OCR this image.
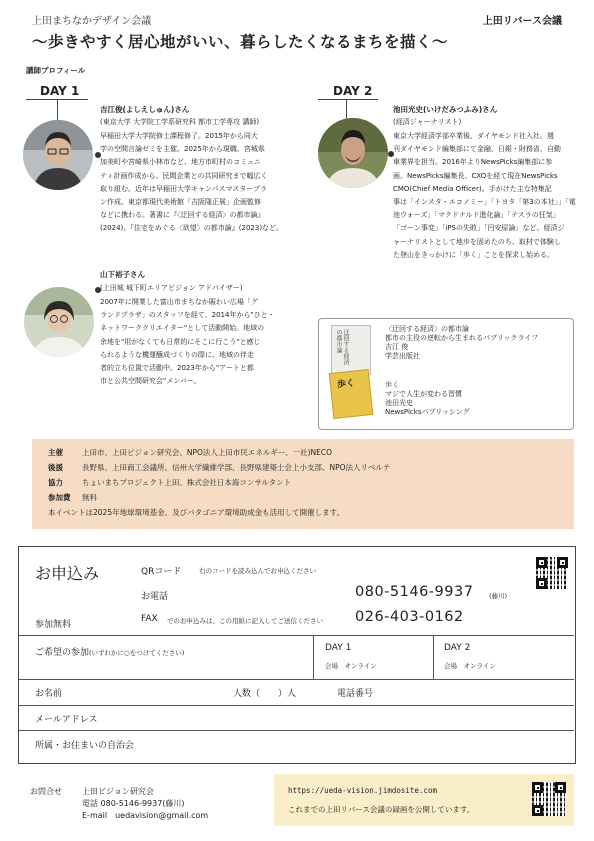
上田まちなかデザイン会議	上田リバース会議
〜歩きやすく居心地がいい、暮らしたくなるまちを描く〜
講師プロフィール
DAY 1
吉江俊(よしえしゅん)さん
(東京大学 大学院工学系研究科 都市工学専攻 講師)
早稲田大学大学院修士課程修了。2015年から同大
学の空間言論ゼミを主催。2025年から現職。宮城県
加美町や宮崎県小林市など、地方市町村のコミュニ
ティ計画作成から、民間企業との共同研究まで幅広く
取り組む。近年は早稲田大学キャンパスマスタープラ
ン作成、東京都現代美術館「吉阪隆正展」企画監修
などに携わる。著書に『〈迂回する経済〉の都市論』
(2024)、『住宅をめぐる〈欲望〉の都市論』(2023)など。
山下裕子さん
(上田城 城下町エリアビジョン アドバイザー)
2007年に開業した富山市まちなか賑わい広場「グ
ランドプラザ」のスタッフを経て、2014年から"ひと・
ネットワーククリエイター"として活動開始。地域の
余地を"用がなくても日常的にそこに行こう"と感じ
られるような機運醸成づくりの際に、地域の伴走
者的立ち位置で活動中。2023年から"アートと都
市と公共空間研究会"メンバー。
DAY 2
池田光史(いけだみつふみ)さん
(経済ジャーナリスト)
東京大学経済学部卒業後、ダイヤモンド社入社。週
刊ダイヤモンド編集部にて金融、日銀・財務省、自動
車業界を担当。2016年よりNewsPicks編集部に参
画。NewsPicks編集長、CXOを経て現在NewsPicks
CMO(Chief Media Officer)。手がけた主な特集記
事は「インスタ・エコノミー」「トヨタ「第3の本社」」「電
池ウォーズ」「マクドナルド進化論」「テスラの狂気」
「ゴーン事変」「iPSの失敗」「円安原論」など。経済ジ
ャーナリストとして地歩を固めたのち、取材で体験し
た登山をきっかけに「歩く」ことを探求し始める。
迂回する経済の都市論	〈迂回する経済〉の都市論
都市の主役の逆転から生まれるパブリックライフ
吉江 俊
学芸出版社
歩く	歩く
マジで人生が変わる習慣
池田光史
NewsPicksパブリッシング
主催	上田市、上田ビジョン研究会、NPO法人上田市民エネルギー、一社)NECO
後援	長野県、上田商工会議所、信州大学繊維学部、長野県建築士会上小支部、NPO法人リベルテ
協力	ちょいまちプロジェクト上田、株式会社日本海コンサルタント
参加費 無料
本イベントは2025年地球環境基金、及びパタゴニア環境助成金も活用して開催します。
お申込み
参加無料
QRコード	右のコードを読み込んでお申込ください
お電話	080-5146-9937 (藤川)
FAX でのお申込みは、この用紙に記入してご送信ください 026-403-0162
ご希望の参加(いずれかに○をつけてください)	DAY 1
会場　オンライン
DAY 2
会場　オンライン
お名前	人数（　　）人	電話番号
メールアドレス
所属・お住まいの自治会
お問合せ	上田ビジョン研究会
電話 080-5146-9937(藤川)
E-mail　uedavision@gmail.com
https://ueda-vision.jimdosite.com
これまでの上田リバース会議の録画を公開しています。
